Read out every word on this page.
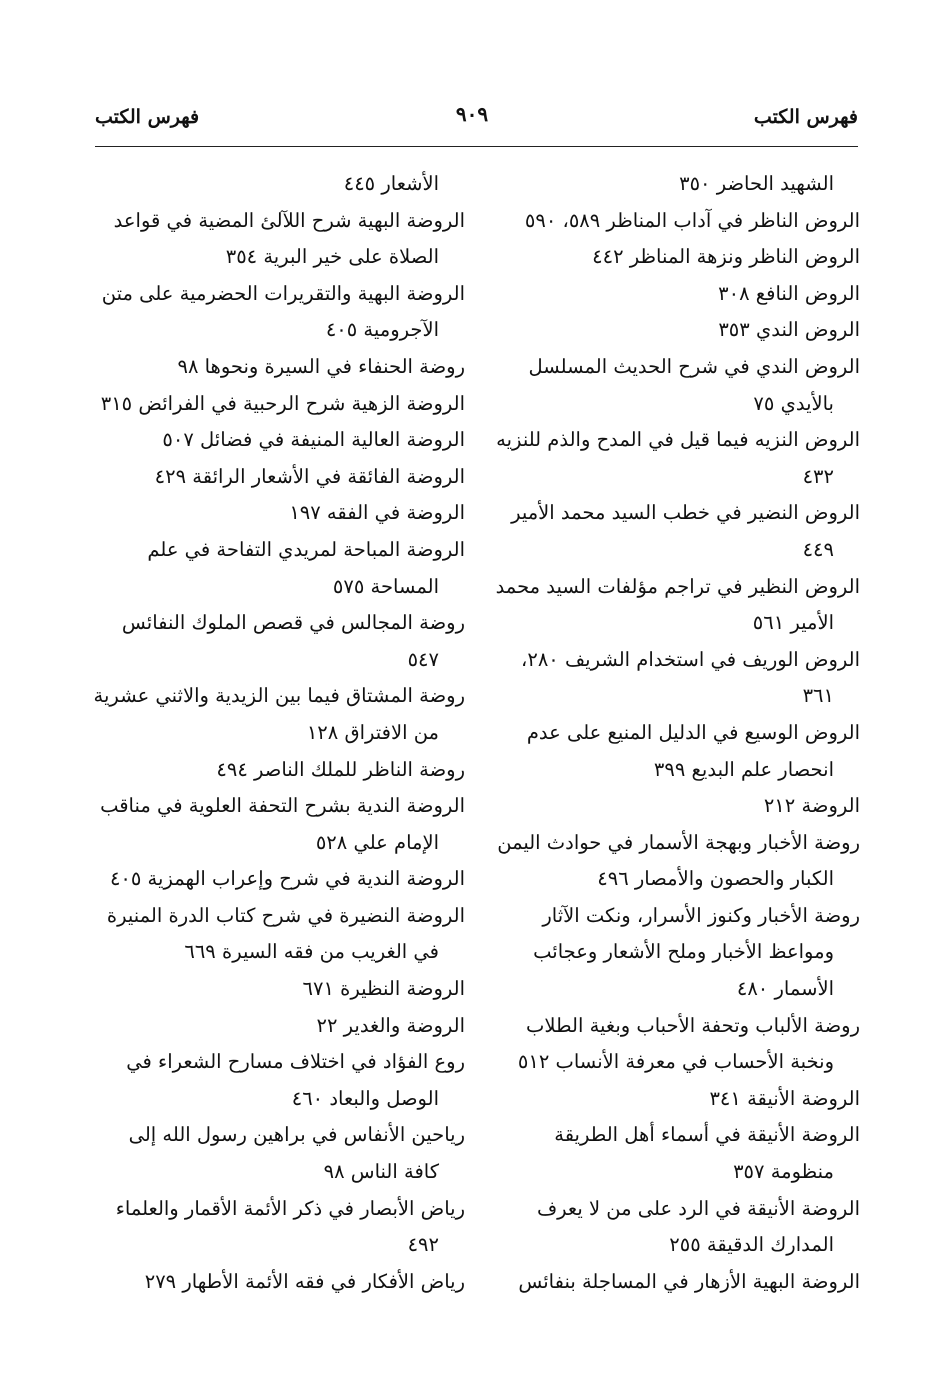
فهرس الكتب
٩٠٩
فهرس الكتب

الشهيد الحاضر ٣٥٠

الروض الناظر في آداب المناظر ٥٨٩، ٥٩٠

الروض الناظر ونزهة المناظر ٤٤٢

الروض النافع ٣٠٨

الروض الندي ٣٥٣

الروض الندي في شرح الحديث المسلسل بالأيدي ٧٥

الروض النزيه فيما قيل في المدح والذم للنزيه ٤٣٢

الروض النضير في خطب السيد محمد الأمير ٤٤٩

الروض النظير في تراجم مؤلفات السيد محمد الأمير ٥٦١

الروض الوريف في استخدام الشريف ٢٨٠، ٣٦١

الروض الوسيع في الدليل المنيع على عدم انحصار علم البديع ٣٩٩

الروضة ٢١٢

روضة الأخبار وبهجة الأسمار في حوادث اليمن الكبار والحصون والأمصار ٤٩٦

روضة الأخبار وكنوز الأسرار، ونكت الآثار ومواعظ الأخبار وملح الأشعار وعجائب الأسمار ٤٨٠

روضة الألباب وتحفة الأحباب وبغية الطلاب ونخبة الأحساب في معرفة الأنساب ٥١٢

الروضة الأنيقة ٣٤١

الروضة الأنيقة في أسماء أهل الطريقة منظومة ٣٥٧

الروضة الأنيقة في الرد على من لا يعرف المدارك الدقيقة ٢٥٥

الروضة البهية الأزهار في المساجلة بنفائس

الأشعار ٤٤٥

الروضة البهية شرح اللآلئ المضية في قواعد الصلاة على خير البرية ٣٥٤

الروضة البهية والتقريرات الحضرمية على متن الآجرومية ٤٠٥

روضة الحنفاء في السيرة ونحوها ٩٨

الروضة الزهية شرح الرحبية في الفرائض ٣١٥

الروضة العالية المنيفة في فضائل ٥٠٧

الروضة الفائقة في الأشعار الرائقة ٤٢٩

الروضة في الفقه ١٩٧

الروضة المباحة لمريدي التفاحة في علم المساحة ٥٧٥

روضة المجالس في قصص الملوك النفائس ٥٤٧

روضة المشتاق فيما بين الزيدية والاثني عشرية من الافتراق ١٢٨

روضة الناظر للملك الناصر ٤٩٤

الروضة الندية بشرح التحفة العلوية في مناقب الإمام علي ٥٢٨

الروضة الندية في شرح وإعراب الهمزية ٤٠٥

الروضة النضيرة في شرح كتاب الدرة المنيرة في الغريب من فقه السيرة ٦٦٩

الروضة النظيرة ٦٧١

الروضة والغدير ٢٢

روع الفؤاد في اختلاف مسارح الشعراء في الوصل والبعاد ٤٦٠

رياحين الأنفاس في براهين رسول الله إلى كافة الناس ٩٨

رياض الأبصار في ذكر الأئمة الأقمار والعلماء ٤٩٢

رياض الأفكار في فقه الأئمة الأطهار ٢٧٩
